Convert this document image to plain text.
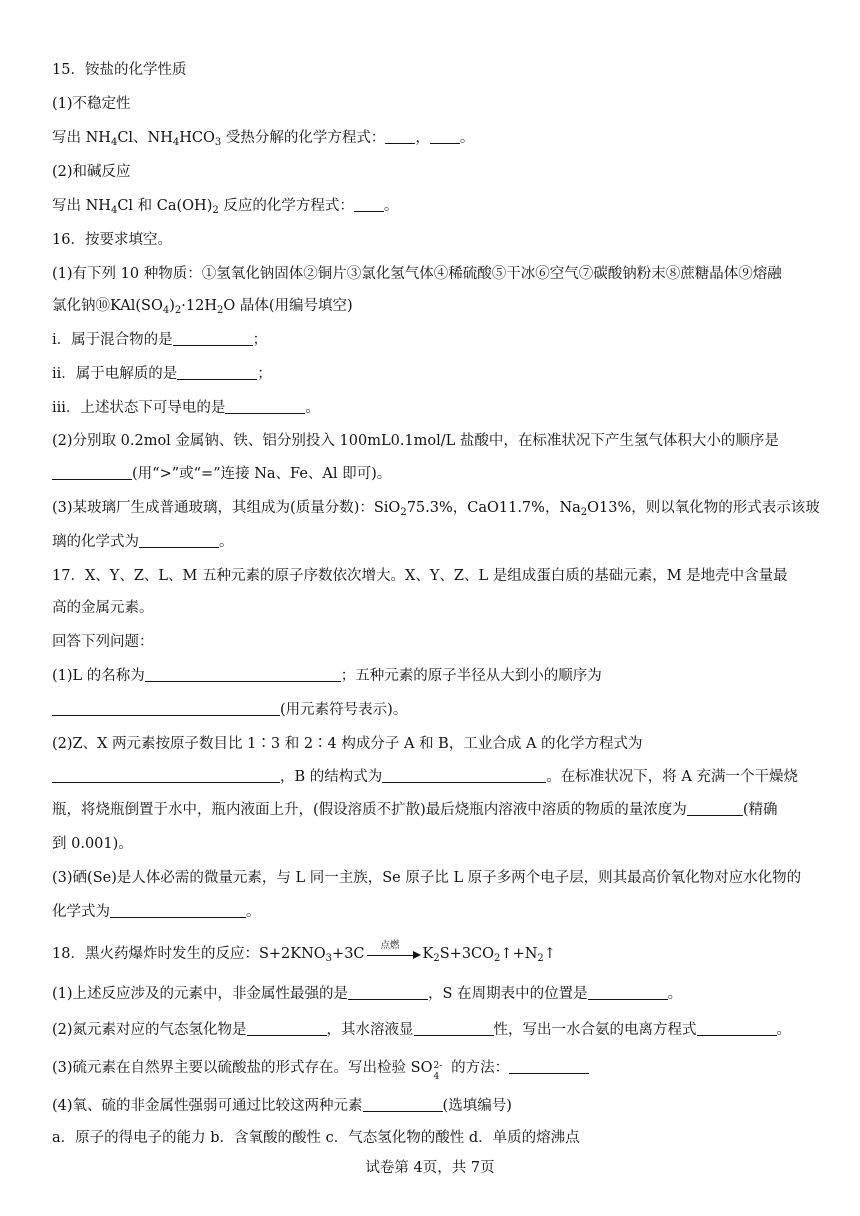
15．铵盐的化学性质
(1)不稳定性
写出 $NH_4Cl$、$NH_4HCO_3$ 受热分解的化学方程式： ， 。
(2)和碱反应
写出 $NH_4Cl$ 和 $Ca(OH)_2$ 反应的化学方程式： 。
16．按要求填空。
(1)有下列 10 种物质：①氢氧化钠固体②铜片③氯化氢气体④稀硫酸⑤干冰⑥空气⑦碳酸钠粉末⑧蔗糖晶体⑨熔融
氯化钠$⑩KAl(SO_4)_2\cdot 12H_2O$ 晶体(用编号填空)
i．属于混合物的是	；
ii．属于电解质的是	；
iii．上述状态下可导电的是	。
(2)分别取 0.2mol 金属钠、铁、铝分别投入 100mL0.1mol/L 盐酸中，在标准状况下产生氢气体积大小的顺序是
(用“>”或“=”连接 Na、Fe、Al 即可)。
(3)某玻璃厂生成普通玻璃，其组成为(质量分数)：SiO$_2$75.3%，CaO11.7%，$Na_2O13\%$，则以氧化物的形式表示该玻
璃的化学式为	。
17．X、Y、Z、L、M 五种元素的原子序数依次增大。X、Y、Z、L 是组成蛋白质的基础元素，M 是地壳中含量最
高的金属元素。
回答下列问题：
(1)L 的名称为	；五种元素的原子半径从大到小的顺序为
(用元素符号表示)。
(2)Z、X 两元素按原子数目比 1∶3 和 2∶4 构成分子 A 和 B，工业合成 A 的化学方程式为
，B 的结构式为	。在标准状况下，将 A 充满一个干燥烧
瓶，将烧瓶倒置于水中，瓶内液面上升，(假设溶质不扩散)最后烧瓶内溶液中溶质的物质的量浓度为	(精确
到 0.001)。
(3)硒(Se)是人体必需的微量元素，与 L 同一主族，Se 原子比 L 原子多两个电子层，则其最高价氧化物对应水化物的
化学式为	。
18．黑火药爆炸时发生的反应：$S+2KNO_3+3C$
点燃
$K_2S+3CO_2↑+N_2↑$
(1)上述反应涉及的元素中，非金属性最强的是	，S 在周期表中的位置是	。
(2)氮元素对应的气态氢化物是	，其水溶液显	性，写出一水合氨的电离方程式	。
(3)硫元素在自然界主要以硫酸盐的形式存在。写出检验 SO 2-
4
的方法：
(4)氧、硫的非金属性强弱可通过比较这两种元素	(选填编号)
a．原子的得电子的能力 b．含氧酸的酸性 c．气态氢化物的酸性 d．单质的熔沸点
试卷第 4页，共 7页
